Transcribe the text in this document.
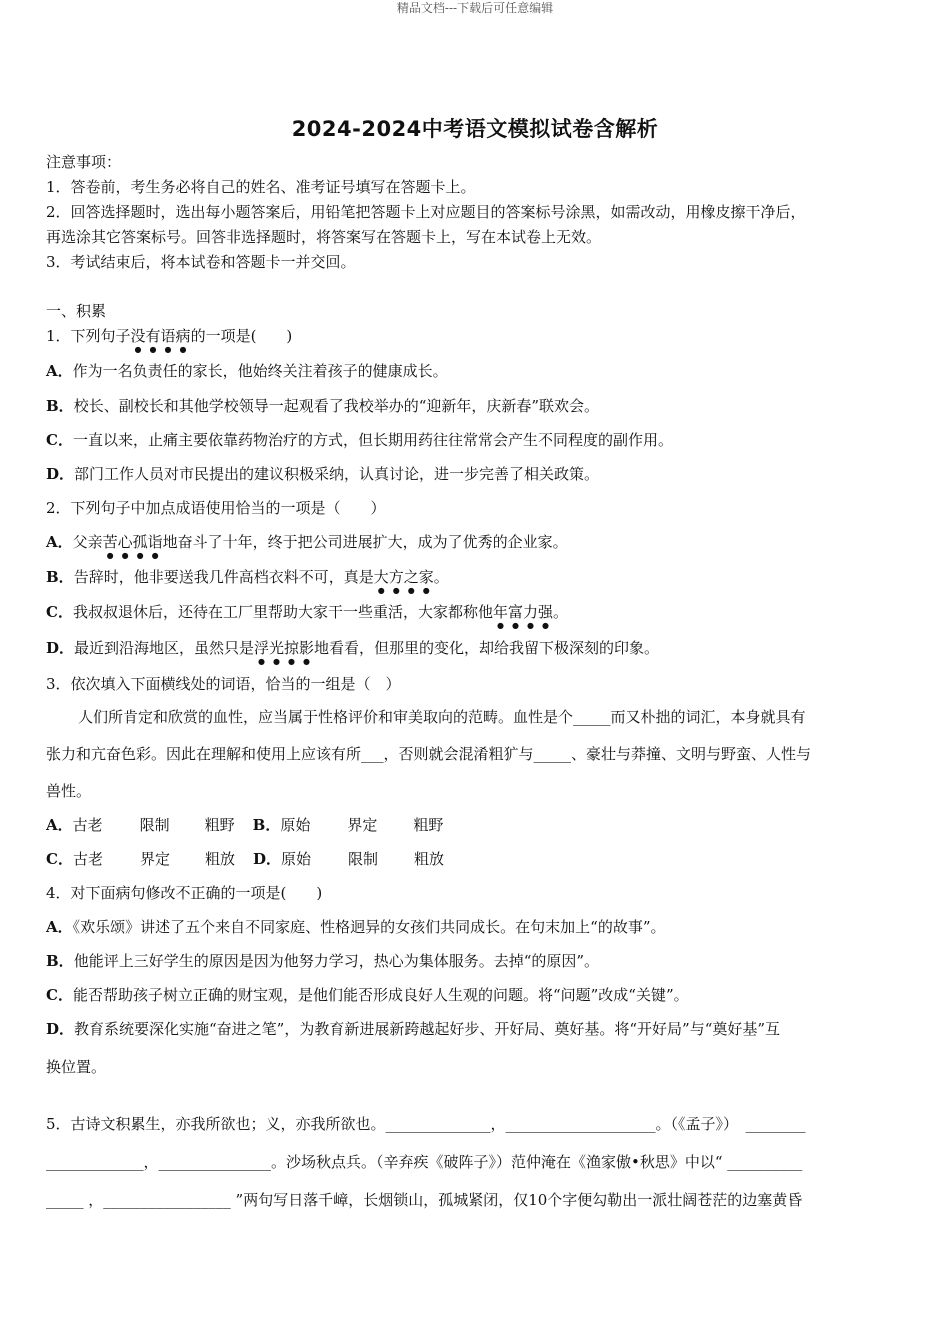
精品文档---下载后可任意编辑
2024-2024中考语文模拟试卷含解析
注意事项：
1．答卷前，考生务必将自己的姓名、准考证号填写在答题卡上。
2．回答选择题时，选出每小题答案后，用铅笔把答题卡上对应题目的答案标号涂黑，如需改动，用橡皮擦干净后，
再选涂其它答案标号。回答非选择题时，将答案写在答题卡上，写在本试卷上无效。
3．考试结束后，将本试卷和答题卡一并交回。
一、积累
1．下列句子没有语病的一项是(　　)
A．作为一名负责任的家长，他始终关注着孩子的健康成长。
B．校长、副校长和其他学校领导一起观看了我校举办的“迎新年，庆新春”联欢会。
C．一直以来，止痛主要依靠药物治疗的方式，但长期用药往往常常会产生不同程度的副作用。
D．部门工作人员对市民提出的建议积极采纳，认真讨论，进一步完善了相关政策。
2．下列句子中加点成语使用恰当的一项是（　　）
A．父亲苦心孤诣地奋斗了十年，终于把公司进展扩大，成为了优秀的企业家。
B．告辞时，他非要送我几件高档衣料不可，真是大方之家。
C．我叔叔退休后，还待在工厂里帮助大家干一些重活，大家都称他年富力强。
D．最近到沿海地区，虽然只是浮光掠影地看看，但那里的变化，却给我留下极深刻的印象。
3．依次填入下面横线处的词语，恰当的一组是（　）
人们所肯定和欣赏的血性，应当属于性格评价和审美取向的范畴。血性是个_____而又朴拙的词汇，本身就具有
张力和亢奋色彩。因此在理解和使用上应该有所___，否则就会混淆粗犷与_____、豪壮与莽撞、文明与野蛮、人性与
兽性。
A．古老 限制 粗野 B．原始 界定 粗野
C．古老 界定 粗放 D．原始 限制 粗放
4．对下面病句修改不正确的一项是(　　)
A．《欢乐颂》讲述了五个来自不同家庭、性格迥异的女孩们共同成长。在句末加上“的故事”。
B．他能评上三好学生的原因是因为他努力学习，热心为集体服务。去掉“的原因”。
C．能否帮助孩子树立正确的财宝观，是他们能否形成良好人生观的问题。将“问题”改成“关键”。
D．教育系统要深化实施“奋进之笔”，为教育新进展新跨越起好步、开好局、奠好基。将“开好局”与“奠好基”互
换位置。
5．古诗文积累生，亦我所欲也；义，亦我所欲也。______________，____________________。（《孟子》）　________
_____________，_______________。沙场秋点兵。（辛弃疾《破阵子》）范仲淹在《渔家傲•秋思》中以“ __________
_____ ，_________________ ”两句写日落千嶂，长烟锁山，孤城紧闭，仅10个字便勾勒出一派壮阔苍茫的边塞黄昏
